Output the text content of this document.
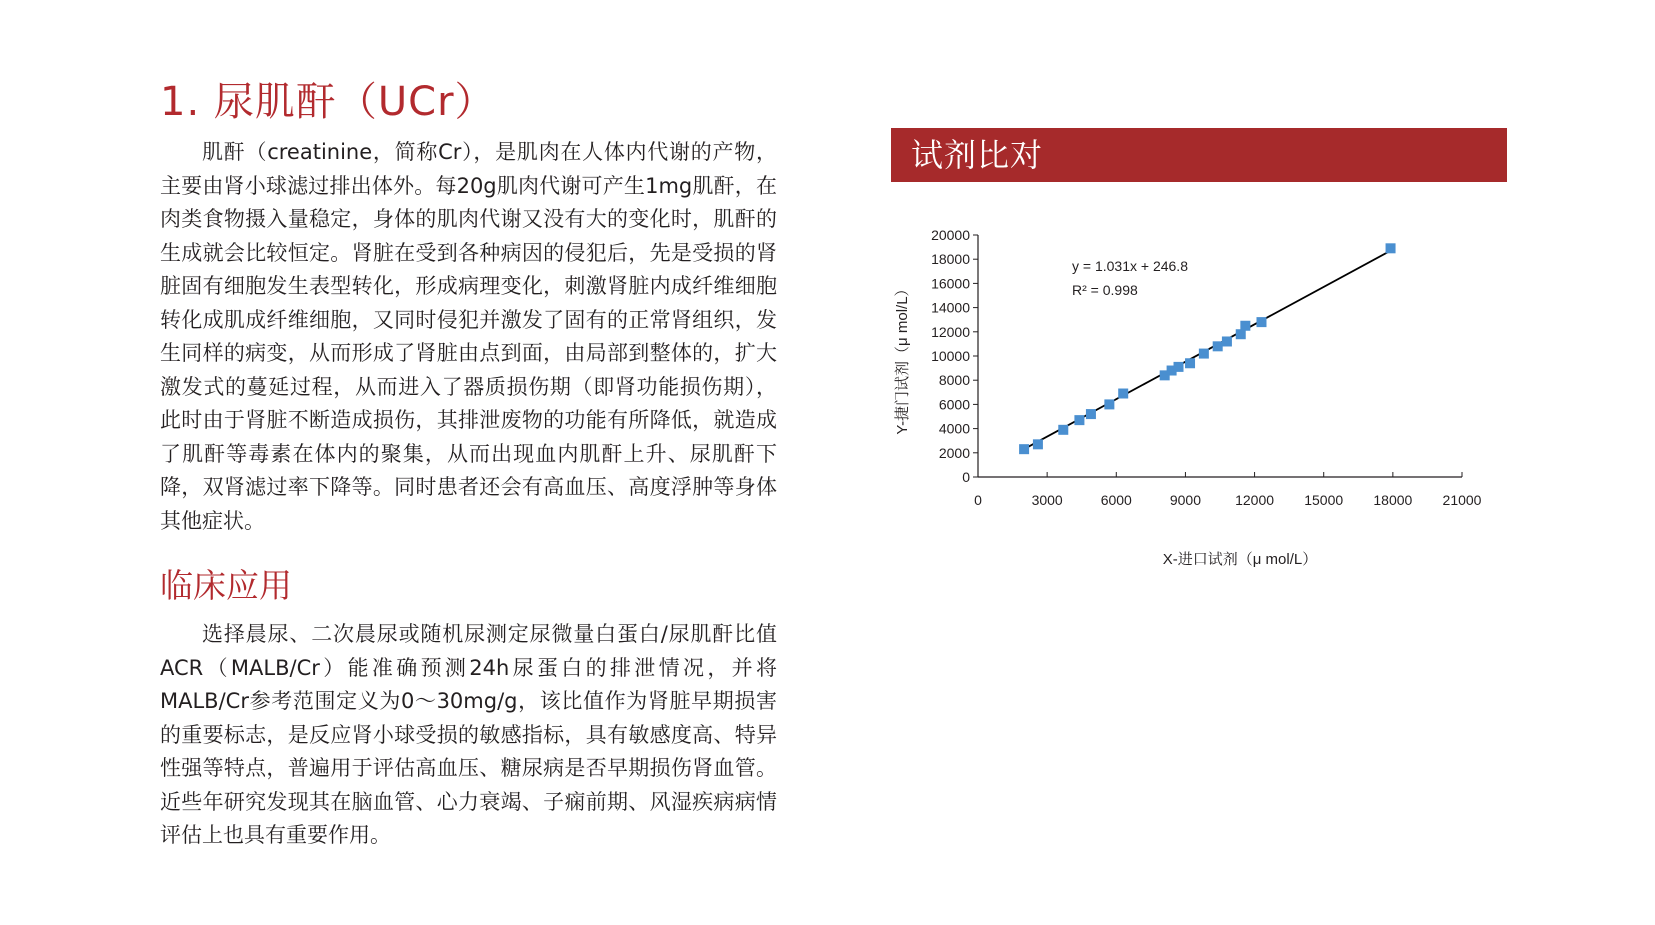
1. 尿肌酐（UCr）

肌酐（creatinine，简称Cr），是肌肉在人体内代谢的产物，主要由肾小球滤过排出体外。每20g肌肉代谢可产生1mg肌酐，在肉类食物摄入量稳定，身体的肌肉代谢又没有大的变化时，肌酐的生成就会比较恒定。肾脏在受到各种病因的侵犯后，先是受损的肾脏固有细胞发生表型转化，形成病理变化，刺激肾脏内成纤维细胞转化成肌成纤维细胞，又同时侵犯并激发了固有的正常肾组织，发生同样的病变，从而形成了肾脏由点到面，由局部到整体的，扩大激发式的蔓延过程，从而进入了器质损伤期（即肾功能损伤期），此时由于肾脏不断造成损伤，其排泄废物的功能有所降低，就造成了肌酐等毒素在体内的聚集，从而出现血内肌酐上升、尿肌酐下降，双肾滤过率下降等。同时患者还会有高血压、高度浮肿等身体其他症状。

临床应用

选择晨尿、二次晨尿或随机尿测定尿微量白蛋白/尿肌酐比值ACR（MALB/Cr）能准确预测24h尿蛋白的排泄情况，并将MALB/Cr参考范围定义为0～30mg/g，该比值作为肾脏早期损害的重要标志，是反应肾小球受损的敏感指标，具有敏感度高、特异性强等特点，普遍用于评估高血压、糖尿病是否早期损伤肾血管。近些年研究发现其在脑血管、心力衰竭、子痫前期、风湿疾病病情评估上也具有重要作用。

试剂比对
0
2000
4000
6000
8000
10000
12000
14000
16000
18000
20000
0	3000	6000	9000 12000 15000 18000 21000
y = 1.031x + 246.8
R² = 0.998
X-进口试剂（μ mol/L）
Y-捷门试剂（μ mol/L）
